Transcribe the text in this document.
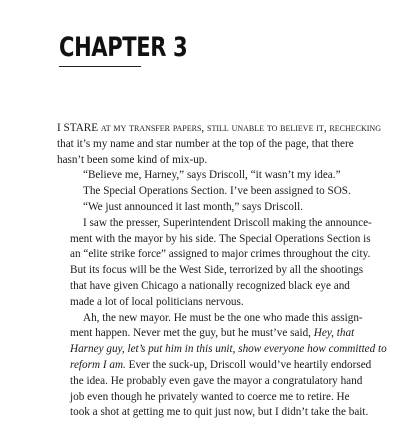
CHAPTER 3

I STARE at my transfer papers, still unable to believe it, rechecking
that it’s my name and star number at the top of the page, that there
hasn’t been some kind of mix-up.

“Believe me, Harney,” says Driscoll, “it wasn’t my idea.”

The Special Operations Section. I’ve been assigned to SOS.

“We just announced it last month,” says Driscoll.

I saw the presser, Superintendent Driscoll making the announce-
ment with the mayor by his side. The Special Operations Section is
an “elite strike force” assigned to major crimes throughout the city.
But its focus will be the West Side, terrorized by all the shootings
that have given Chicago a nationally recognized black eye and
made a lot of local politicians nervous.

Ah, the new mayor. He must be the one who made this assign-
ment happen. Never met the guy, but he must’ve said, Hey, that
Harney guy, let’s put him in this unit, show everyone how committed to
reform I am. Ever the suck-up, Driscoll would’ve heartily endorsed
the idea. He probably even gave the mayor a congratulatory hand
job even though he privately wanted to coerce me to retire. He
took a shot at getting me to quit just now, but I didn’t take the bait.
